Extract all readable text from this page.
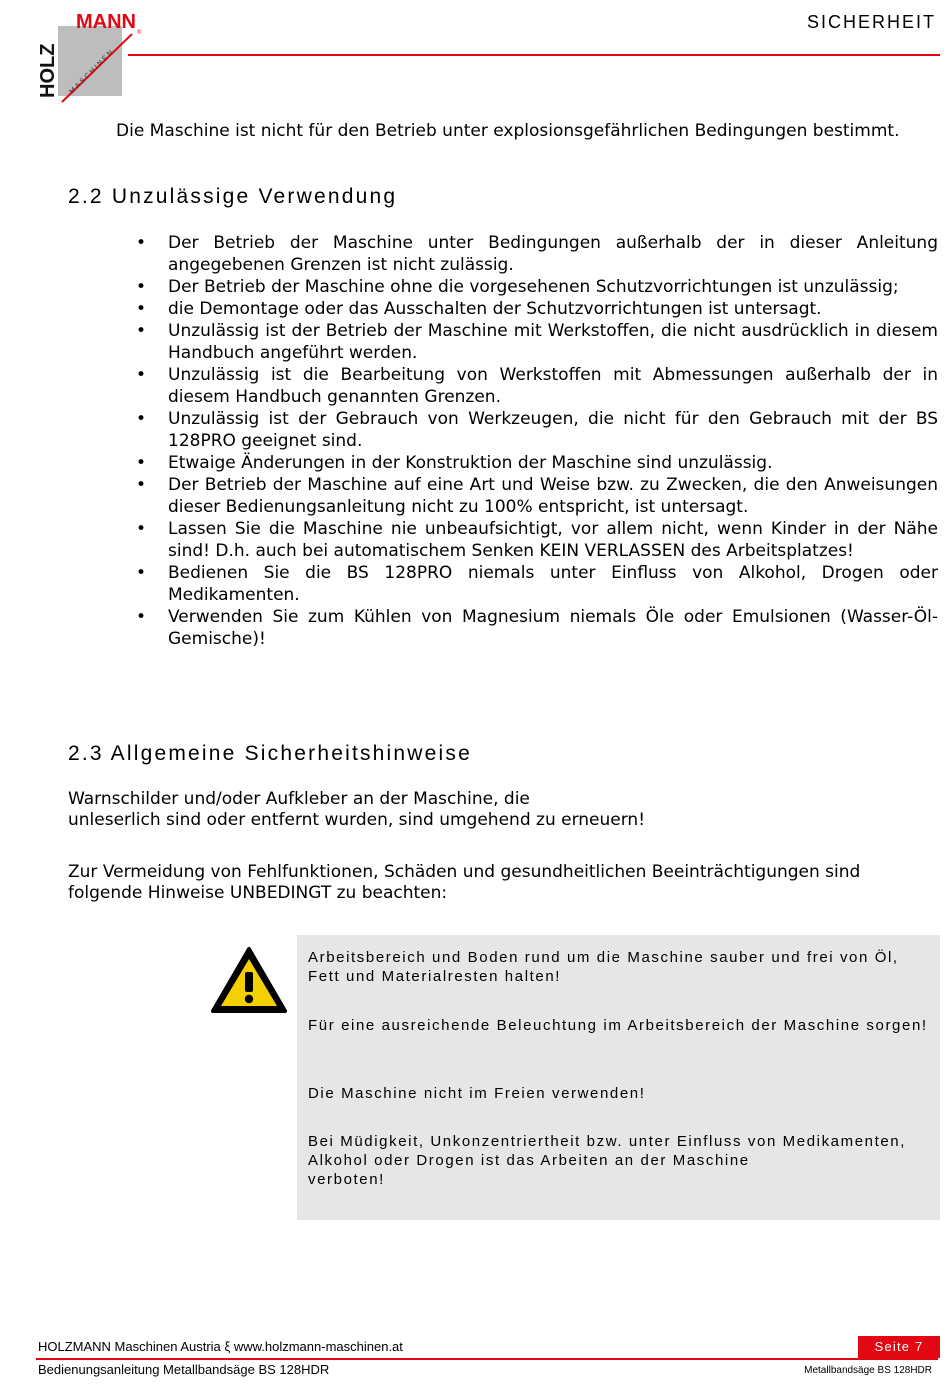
MANN ®
HOLZ MASCHINEN
SICHERHEIT
Die Maschine ist nicht für den Betrieb unter explosionsgefährlichen Bedingungen bestimmt.
2.2 Unzulässige Verwendung
• Der Betrieb der Maschine unter Bedingungen außerhalb der in dieser Anleitung angegebenen Grenzen ist nicht zulässig.
• Der Betrieb der Maschine ohne die vorgesehenen Schutzvorrichtungen ist unzulässig;
• die Demontage oder das Ausschalten der Schutzvorrichtungen ist untersagt.
• Unzulässig ist der Betrieb der Maschine mit Werkstoffen, die nicht ausdrücklich in diesem Handbuch angeführt werden.
• Unzulässig ist die Bearbeitung von Werkstoffen mit Abmessungen außerhalb der in diesem Handbuch genannten Grenzen.
• Unzulässig ist der Gebrauch von Werkzeugen, die nicht für den Gebrauch mit der BS 128PRO geeignet sind.
• Etwaige Änderungen in der Konstruktion der Maschine sind unzulässig.
• Der Betrieb der Maschine auf eine Art und Weise bzw. zu Zwecken, die den Anweisungen dieser Bedienungsanleitung nicht zu 100% entspricht, ist untersagt.
• Lassen Sie die Maschine nie unbeaufsichtigt, vor allem nicht, wenn Kinder in der Nähe sind! D.h. auch bei automatischem Senken KEIN VERLASSEN des Arbeitsplatzes!
• Bedienen Sie die BS 128PRO niemals unter Einfluss von Alkohol, Drogen oder Medikamenten.
• Verwenden Sie zum Kühlen von Magnesium niemals Öle oder Emulsionen (Wasser-Öl-Gemische)!
2.3 Allgemeine Sicherheitshinweise
Warnschilder und/oder Aufkleber an der Maschine, die
unleserlich sind oder entfernt wurden, sind umgehend zu erneuern!
Zur Vermeidung von Fehlfunktionen, Schäden und gesundheitlichen Beeinträchtigungen sind folgende Hinweise UNBEDINGT zu beachten:
Arbeitsbereich und Boden rund um die Maschine sauber und frei von Öl, Fett und Materialresten halten!
Für eine ausreichende Beleuchtung im Arbeitsbereich der Maschine sorgen!
Die Maschine nicht im Freien verwenden!
Bei Müdigkeit, Unkonzentriertheit bzw. unter Einfluss von Medikamenten, Alkohol oder Drogen ist das Arbeiten an der Maschine
verboten!
HOLZMANN Maschinen Austria ξ www.holzmann-maschinen.at	Seite 7
Bedienungsanleitung Metallbandsäge BS 128HDR	Metallbandsäge BS 128HDR
